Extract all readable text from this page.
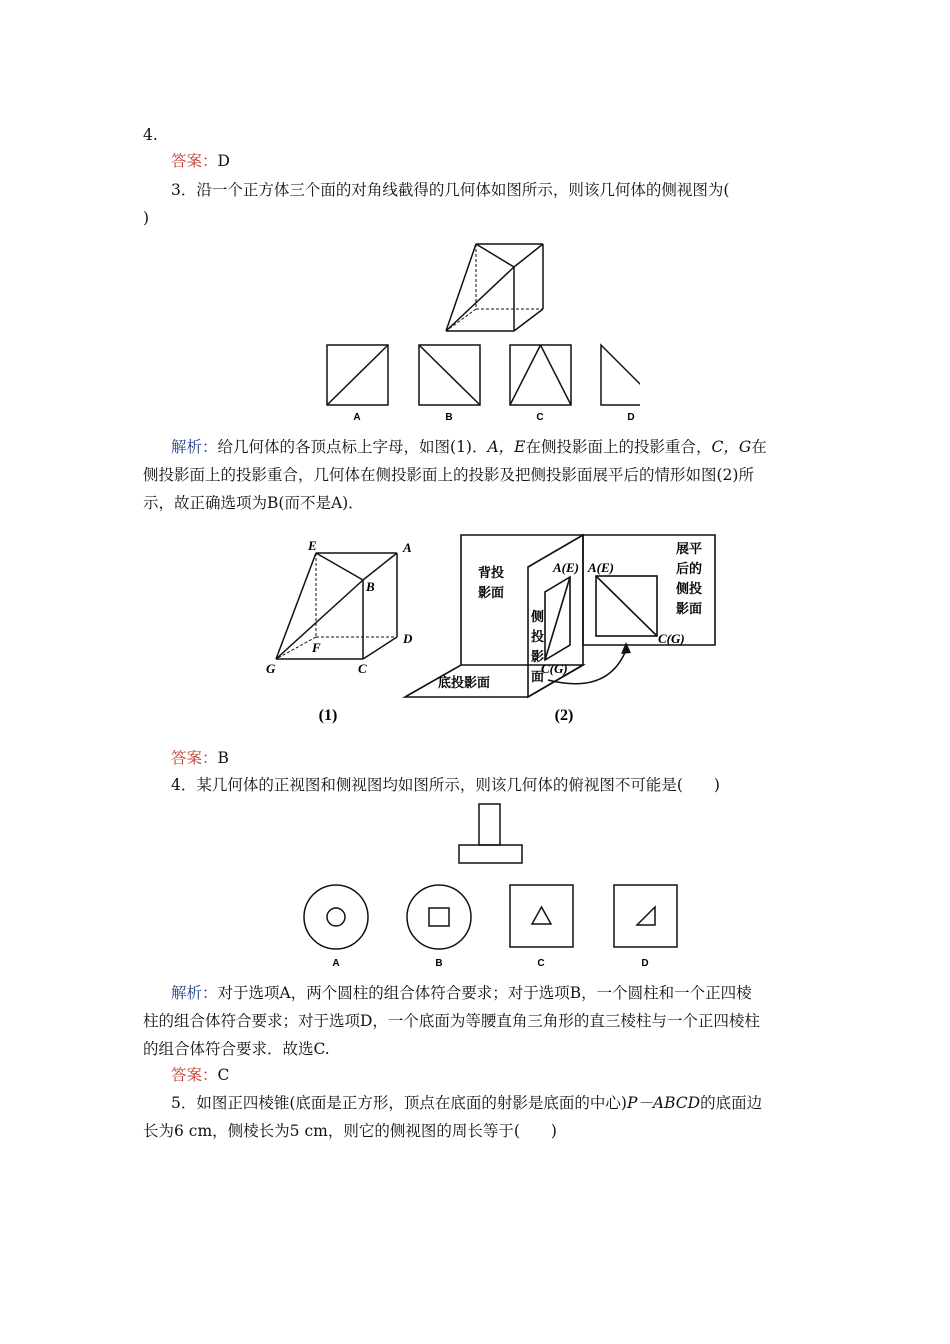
4.
答案：D
3．沿一个正方体三个面的对角线截得的几何体如图所示，则该几何体的侧视图为(
)
A	B	C	D
解析：给几何体的各顶点标上字母，如图(1)．A，E在侧投影面上的投影重合，C，G在
侧投影面上的投影重合，几何体在侧投影面上的投影及把侧投影面展平后的情形如图(2)所
示，故正确选项为B(而不是A)．
E	A
B
D
F
G	C
(1)
背投
影面
侧
投
影
面
底投影面
A(E)
C(G)
A(E)
C(G)
展平
后的
侧投
影面
(2)
答案：B
4．某几何体的正视图和侧视图均如图所示，则该几何体的俯视图不可能是(　　)
A	B	C	D
解析：对于选项A，两个圆柱的组合体符合要求；对于选项B，一个圆柱和一个正四棱
柱的组合体符合要求；对于选项D，一个底面为等腰直角三角形的直三棱柱与一个正四棱柱
的组合体符合要求．故选C.
答案：C
5．如图正四棱锥(底面是正方形，顶点在底面的射影是底面的中心)P－ABCD的底面边
长为6 cm，侧棱长为5 cm，则它的侧视图的周长等于(　　)
